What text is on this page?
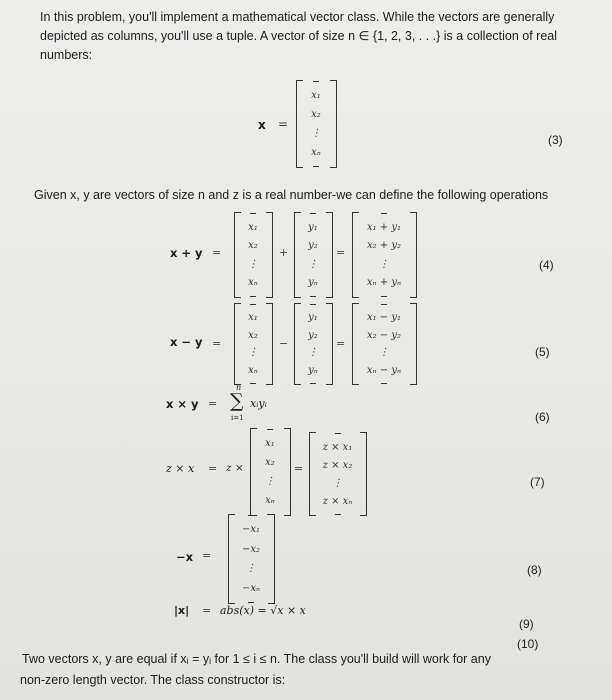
In this problem, you'll implement a mathematical vector class. While the vectors are generally
depicted as columns, you'll use a tuple. A vector of size n ∈ {1, 2, 3, . . .} is a collection of real
numbers:
x =
x₁
x₂
⋮
xₙ
(3)
Given x, y are vectors of size n and z is a real number-we can define the following operations
x + y =
x₁
x₂
⋮
xₙ
+
y₁
y₂
⋮
yₙ
=
x₁ + y₁
x₂ + y₂
⋮
xₙ + yₙ
(4)
x − y =
x₁
x₂
⋮
xₙ
−
y₁
y₂
⋮
yₙ
=
x₁ − y₁
x₂ − y₂
⋮
xₙ − yₙ
(5)
x × y =
n
∑
i=1
xᵢyᵢ
(6)
z × x = z ×
x₁
x₂
⋮
xₙ
=
z × x₁
z × x₂
⋮
z × xₙ
(7)
−x =
−x₁
−x₂
⋮
−xₙ
(8)
|x| = abs(x) = √x × x
(9)
(10)
Two vectors x, y are equal if xᵢ = yᵢ for 1 ≤ i ≤ n. The class you'll build will work for any
non-zero length vector. The class constructor is:
